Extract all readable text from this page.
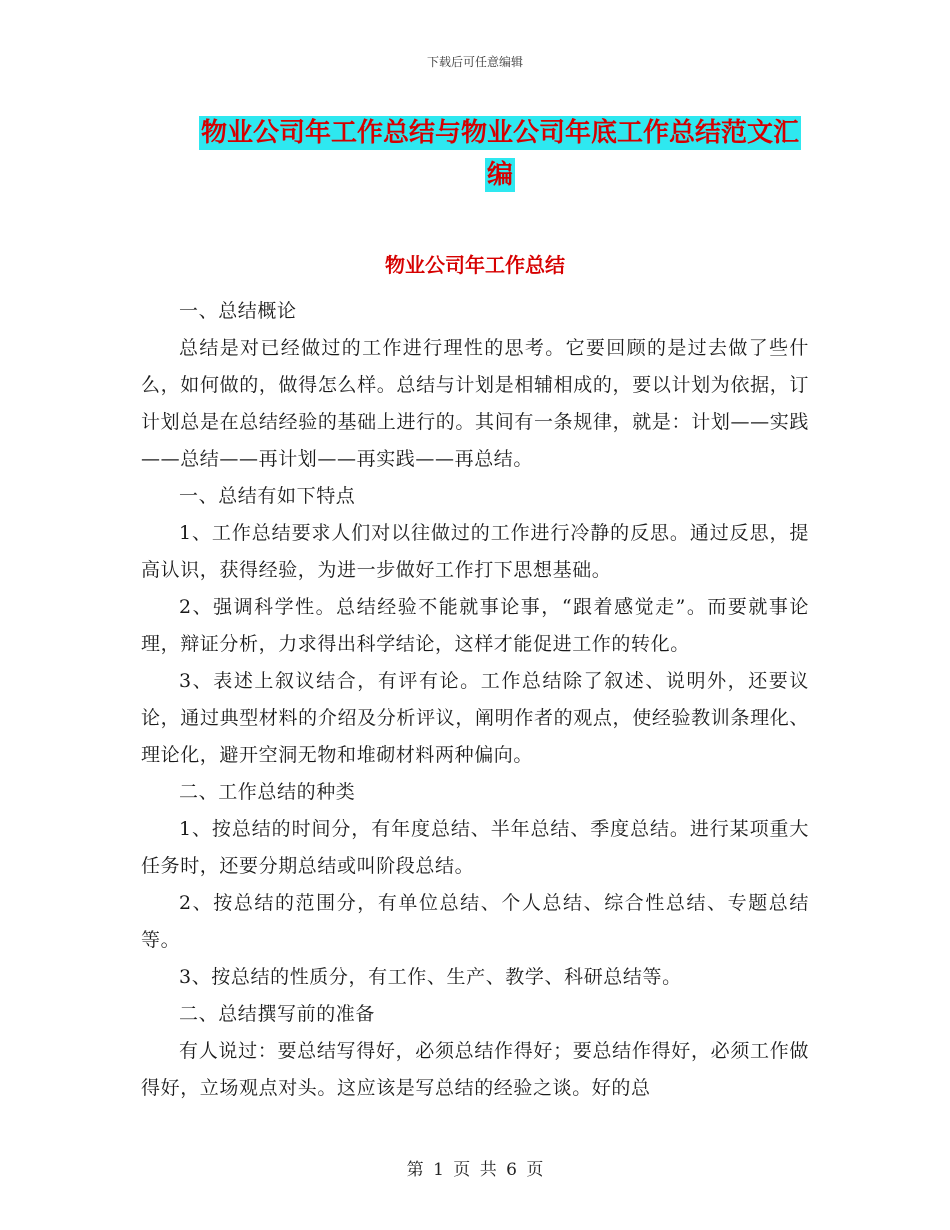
下载后可任意编辑
物业公司年工作总结与物业公司年底工作总结范文汇
编
物业公司年工作总结

一、总结概论

总结是对已经做过的工作进行理性的思考。它要回顾的是过去做了些什么，如何做的，做得怎么样。总结与计划是相辅相成的，要以计划为依据，订计划总是在总结经验的基础上进行的。其间有一条规律，就是：计划——实践——总结——再计划——再实践——再总结。

一、总结有如下特点

1、工作总结要求人们对以往做过的工作进行冷静的反思。通过反思，提高认识，获得经验，为进一步做好工作打下思想基础。

2、强调科学性。总结经验不能就事论事，“跟着感觉走”。而要就事论理，辩证分析，力求得出科学结论，这样才能促进工作的转化。

3、表述上叙议结合，有评有论。工作总结除了叙述、说明外，还要议论，通过典型材料的介绍及分析评议，阐明作者的观点，使经验教训条理化、理论化，避开空洞无物和堆砌材料两种偏向。

二、工作总结的种类

1、按总结的时间分，有年度总结、半年总结、季度总结。进行某项重大任务时，还要分期总结或叫阶段总结。

2、按总结的范围分，有单位总结、个人总结、综合性总结、专题总结等。

3、按总结的性质分，有工作、生产、教学、科研总结等。

二、总结撰写前的准备

有人说过：要总结写得好，必须总结作得好；要总结作得好，必须工作做得好，立场观点对头。这应该是写总结的经验之谈。好的总

第 1 页 共 6 页
